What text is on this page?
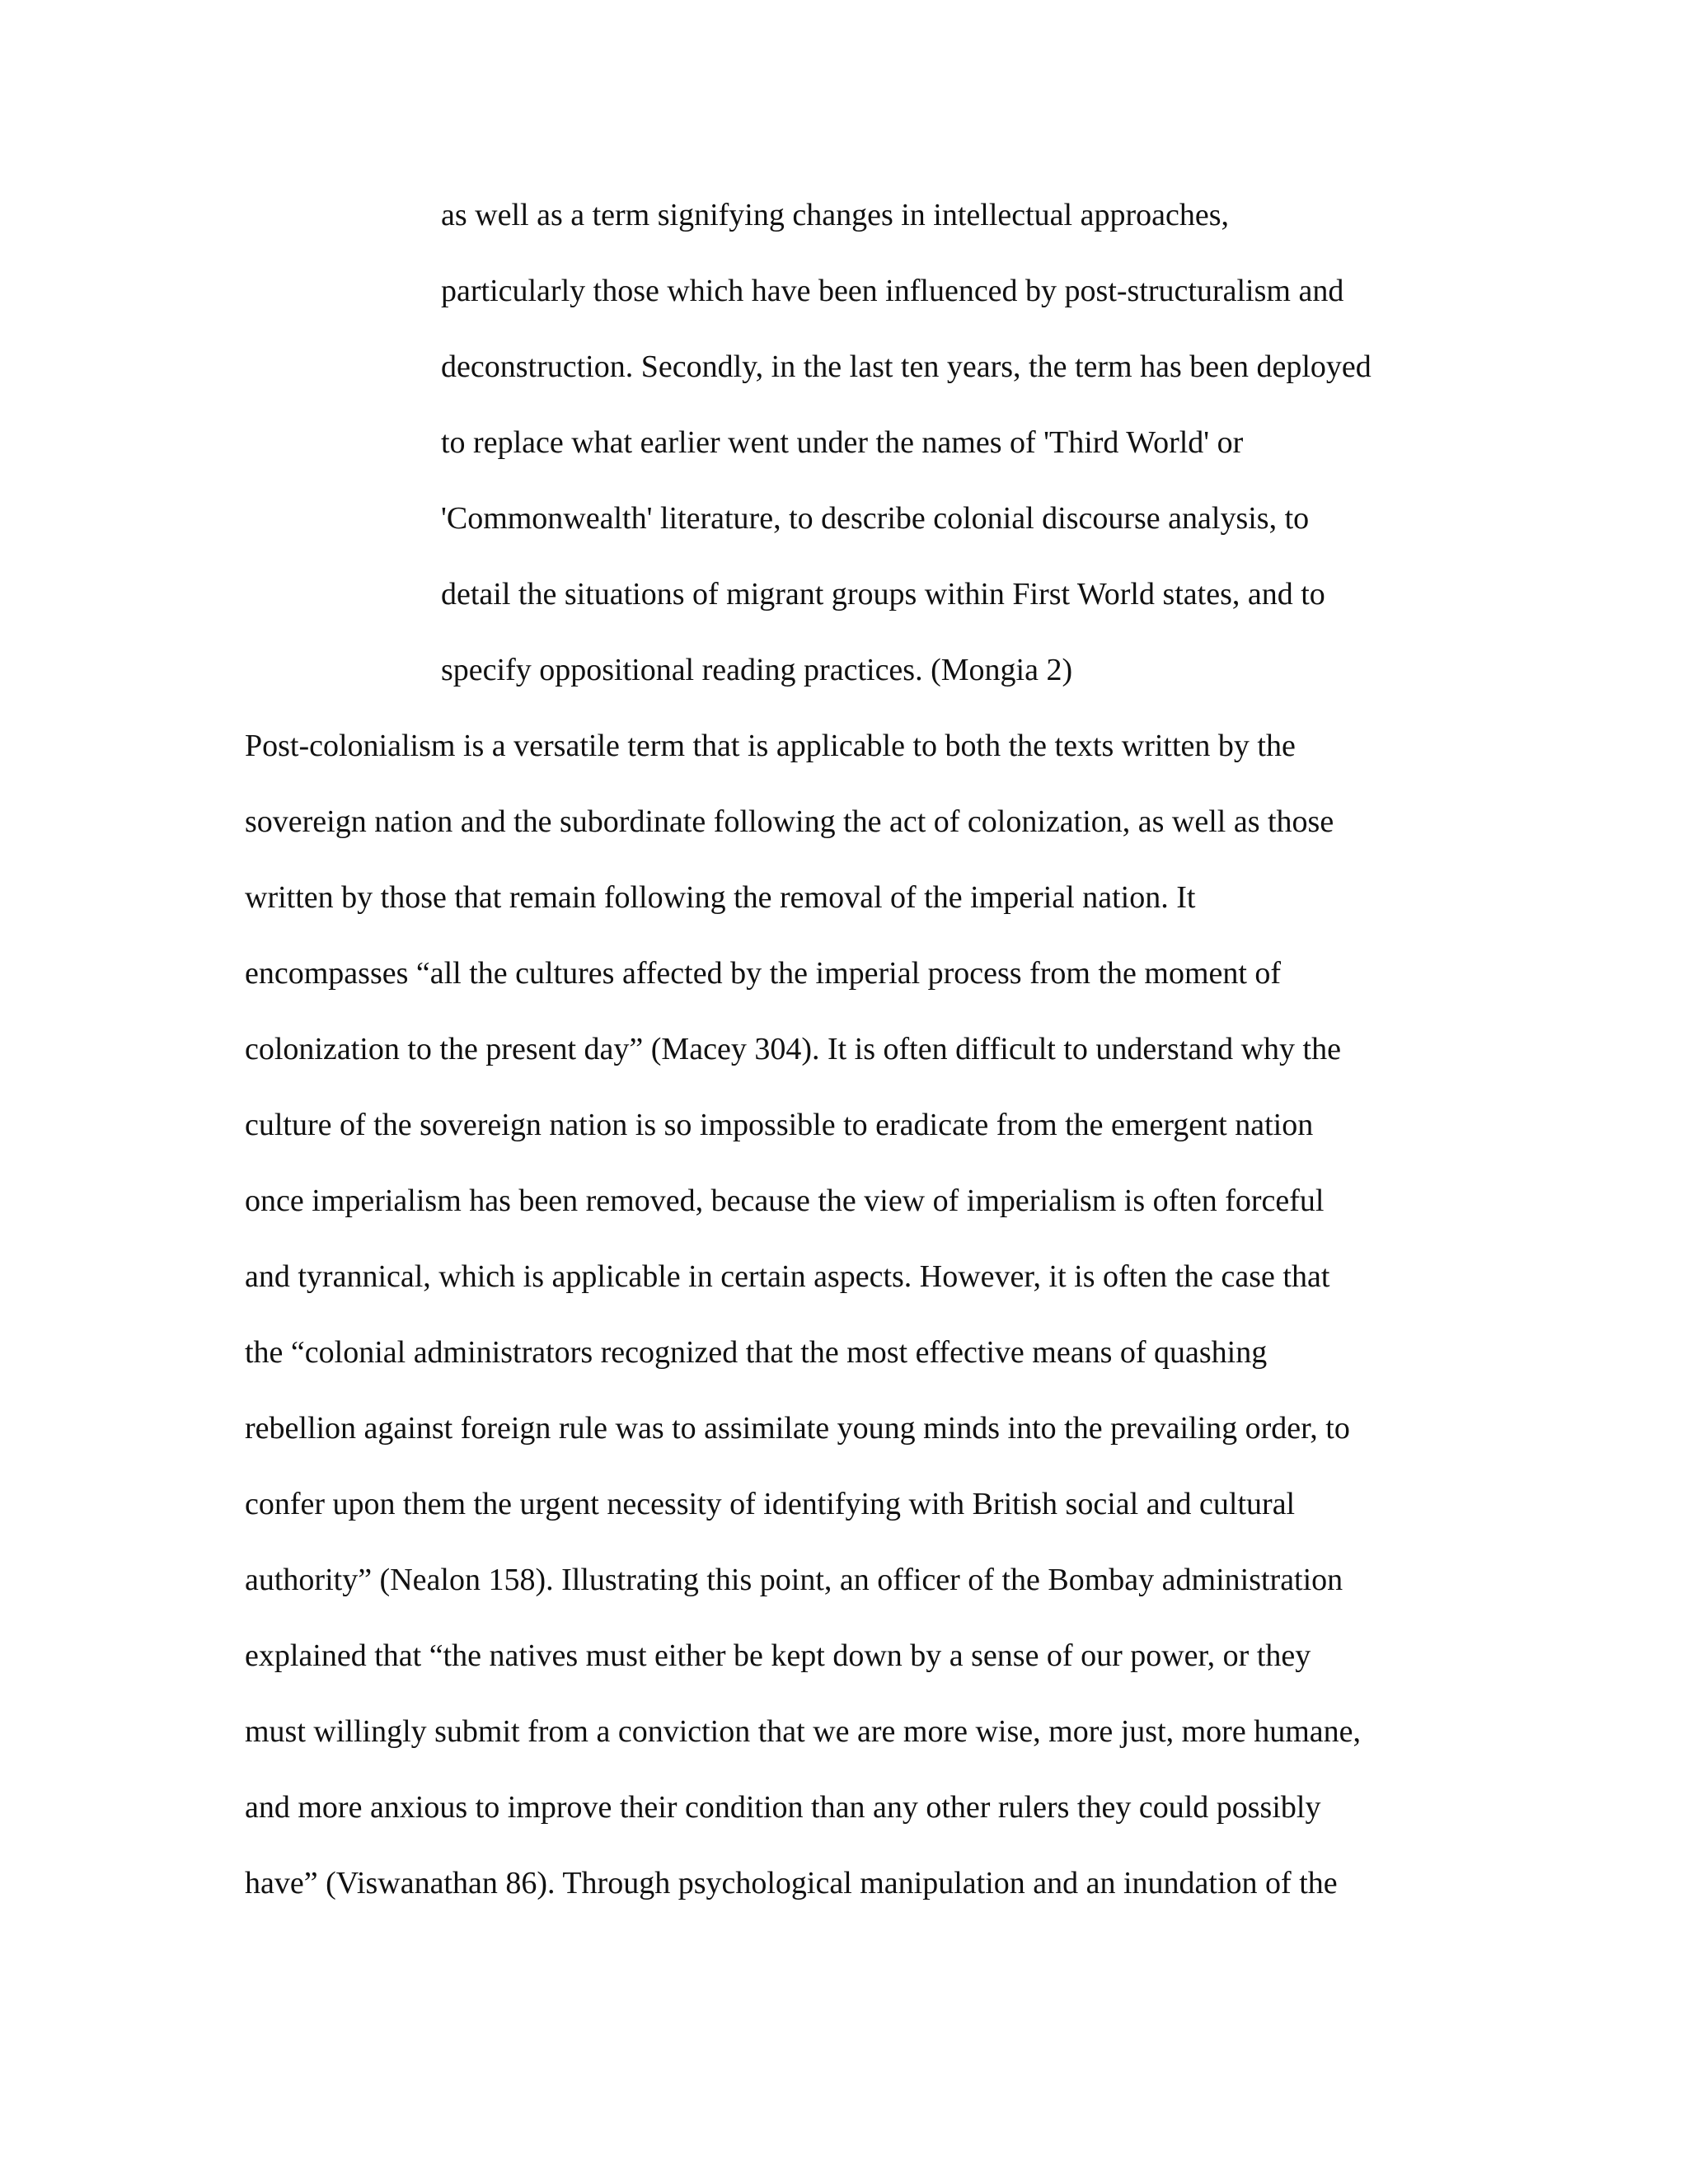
as well as a term signifying changes in intellectual approaches,
particularly those which have been influenced by post-structuralism and
deconstruction. Secondly, in the last ten years, the term has been deployed
to replace what earlier went under the names of 'Third World' or
'Commonwealth' literature, to describe colonial discourse analysis, to
detail the situations of migrant groups within First World states, and to
specify oppositional reading practices. (Mongia 2)
Post-colonialism is a versatile term that is applicable to both the texts written by the
sovereign nation and the subordinate following the act of colonization, as well as those
written by those that remain following the removal of the imperial nation. It
encompasses “all the cultures affected by the imperial process from the moment of
colonization to the present day” (Macey 304). It is often difficult to understand why the
culture of the sovereign nation is so impossible to eradicate from the emergent nation
once imperialism has been removed, because the view of imperialism is often forceful
and tyrannical, which is applicable in certain aspects. However, it is often the case that
the “colonial administrators recognized that the most effective means of quashing
rebellion against foreign rule was to assimilate young minds into the prevailing order, to
confer upon them the urgent necessity of identifying with British social and cultural
authority” (Nealon 158). Illustrating this point, an officer of the Bombay administration
explained that “the natives must either be kept down by a sense of our power, or they
must willingly submit from a conviction that we are more wise, more just, more humane,
and more anxious to improve their condition than any other rulers they could possibly
have” (Viswanathan 86). Through psychological manipulation and an inundation of the
